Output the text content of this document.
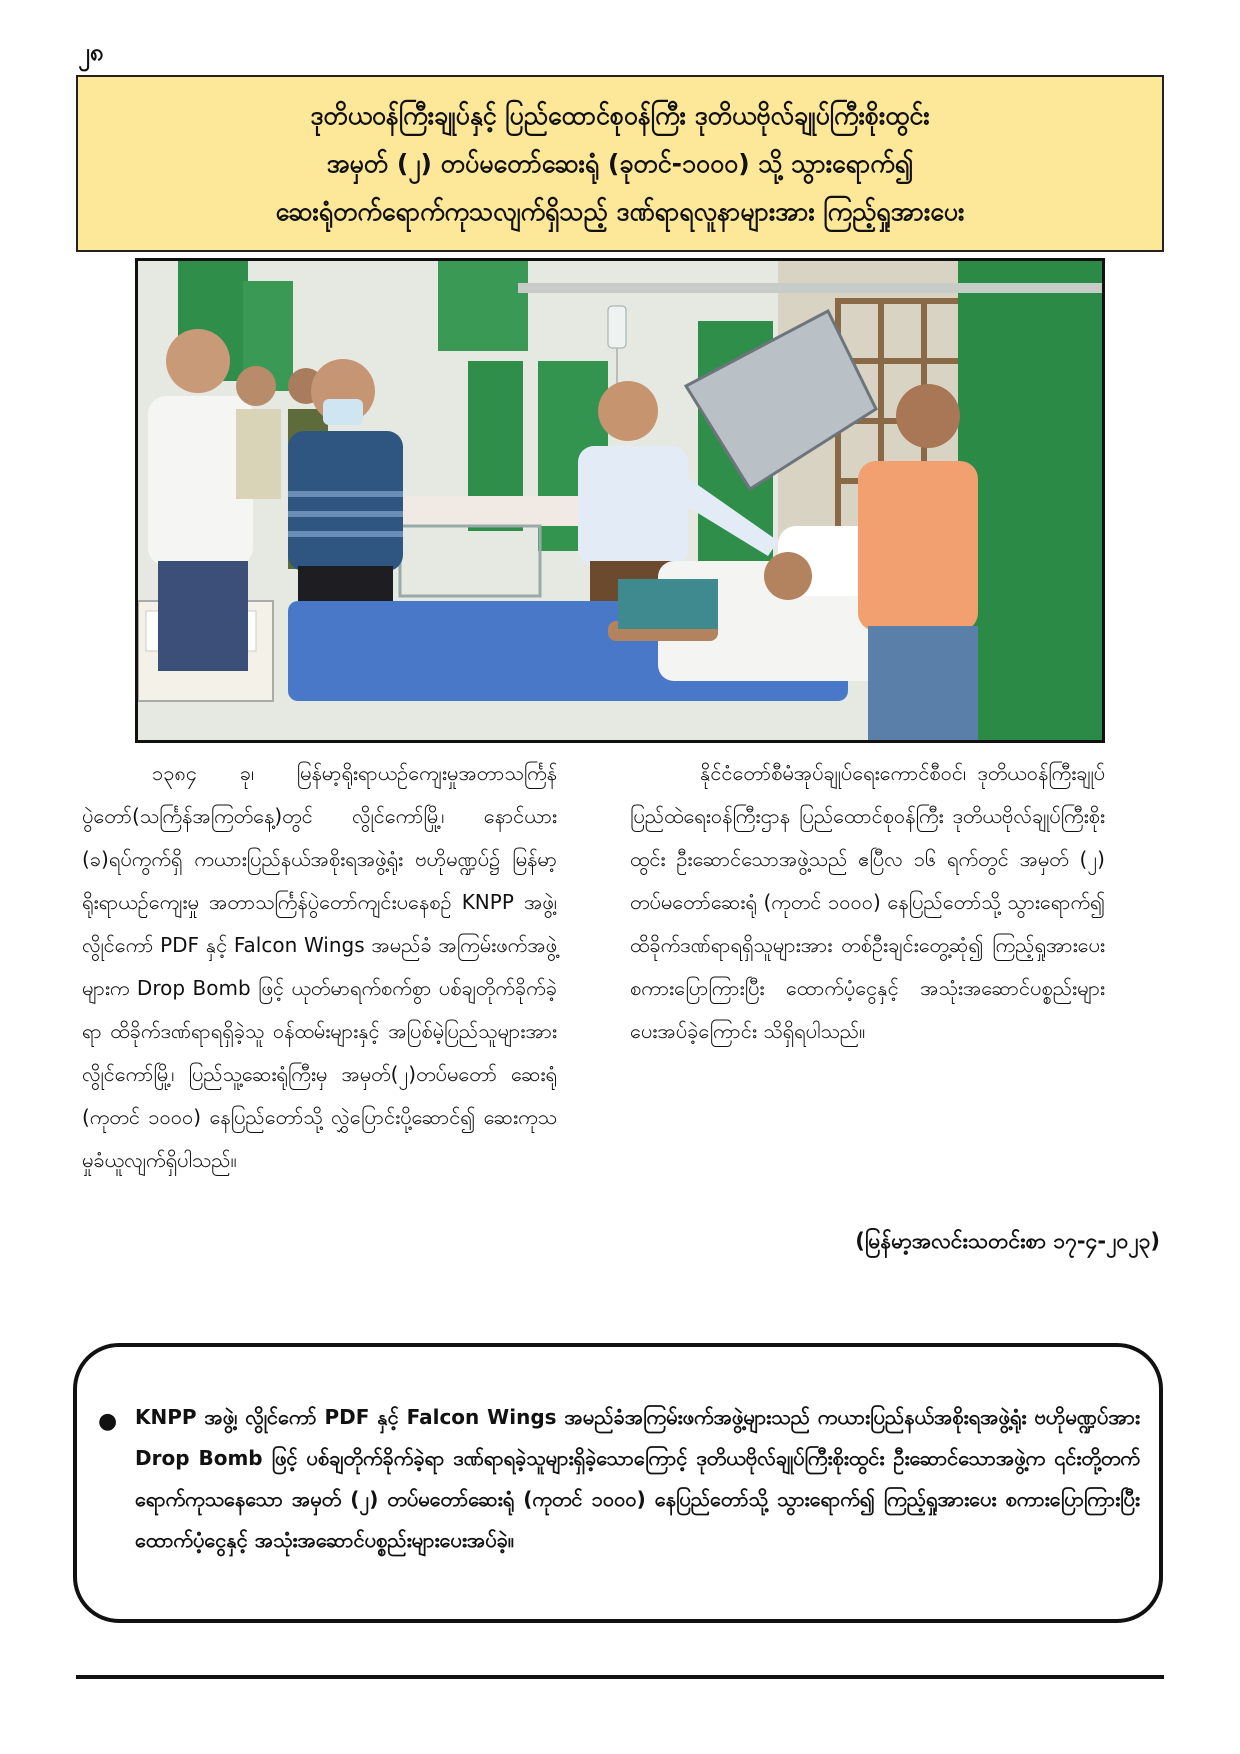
၂၈
ဒုတိယဝန်ကြီးချုပ်နှင့် ပြည်ထောင်စုဝန်ကြီး ဒုတိယဗိုလ်ချုပ်ကြီးစိုးထွင်း
အမှတ် (၂) တပ်မတော်ဆေးရုံ (ခုတင်-၁၀၀၀) သို့ သွားရောက်၍
ဆေးရုံတက်ရောက်ကုသလျက်ရှိသည့် ဒဏ်ရာရလူနာများအား ကြည့်ရှုအားပေး

၁၃၈၄ ခု၊ မြန်မာ့ရိုးရာယဉ်ကျေးမှုအတာသင်္ကြန်ပွဲတော်(သင်္ကြန်အကြတ်နေ့)တွင် လွိုင်ကော်မြို့၊ နောင်ယား (ခ)ရပ်ကွက်ရှိ ကယားပြည်နယ်အစိုးရအဖွဲ့ရုံး ဗဟိုမဏ္ဍပ်၌ မြန်မာ့ရိုးရာယဉ်ကျေးမှု အတာသင်္ကြန်ပွဲတော်ကျင်းပနေစဉ် KNPP အဖွဲ့၊ လွိုင်ကော် PDF နှင့် Falcon Wings အမည်ခံ အကြမ်းဖက်အဖွဲ့များက Drop Bomb ဖြင့် ယုတ်မာရက်စက်စွာ ပစ်ချတိုက်ခိုက်ခဲ့ရာ ထိခိုက်ဒဏ်ရာရရှိခဲ့သူ ဝန်ထမ်းများနှင့် အပြစ်မဲ့ပြည်သူများအား လွိုင်ကော်မြို့၊ ပြည်သူ့ဆေးရုံကြီးမှ အမှတ်(၂)တပ်မတော် ဆေးရုံ (ကုတင် ၁၀၀၀) နေပြည်တော်သို့ လွှဲပြောင်းပို့ဆောင်၍ ဆေးကုသမှုခံယူလျက်ရှိပါသည်။

နိုင်ငံတော်စီမံအုပ်ချုပ်ရေးကောင်စီဝင်၊ ဒုတိယဝန်ကြီးချုပ် ပြည်ထဲရေးဝန်ကြီးဌာန ပြည်ထောင်စုဝန်ကြီး ဒုတိယဗိုလ်ချုပ်ကြီးစိုးထွင်း ဦးဆောင်သောအဖွဲ့သည် ဧပြီလ ၁၆ ရက်တွင် အမှတ် (၂) တပ်မတော်ဆေးရုံ (ကုတင် ၁၀၀၀) နေပြည်တော်သို့ သွားရောက်၍ ထိခိုက်ဒဏ်ရာရရှိသူများအား တစ်ဦးချင်းတွေ့ဆုံ၍ ကြည့်ရှုအားပေးစကားပြောကြားပြီး ထောက်ပံ့ငွေနှင့် အသုံးအဆောင်ပစ္စည်းများပေးအပ်ခဲ့ကြောင်း သိရှိရပါသည်။

(မြန်မာ့အလင်းသတင်းစာ ၁၇-၄-၂၀၂၃)
● KNPP အဖွဲ့၊ လွိုင်ကော် PDF နှင့် Falcon Wings အမည်ခံအကြမ်းဖက်အဖွဲ့များသည် ကယားပြည်နယ်အစိုးရအဖွဲ့ရုံး ဗဟိုမဏ္ဍပ်အား Drop Bomb ဖြင့် ပစ်ချတိုက်ခိုက်ခဲ့ရာ ဒဏ်ရာရခဲ့သူများရှိခဲ့သောကြောင့် ဒုတိယဗိုလ်ချုပ်ကြီးစိုးထွင်း ဦးဆောင်သောအဖွဲ့က ၎င်းတို့တက်ရောက်ကုသနေသော အမှတ် (၂) တပ်မတော်ဆေးရုံ (ကုတင် ၁၀၀၀) နေပြည်တော်သို့ သွားရောက်၍ ကြည့်ရှုအားပေး စကားပြောကြားပြီး ထောက်ပံ့ငွေနှင့် အသုံးအဆောင်ပစ္စည်းများပေးအပ်ခဲ့။
